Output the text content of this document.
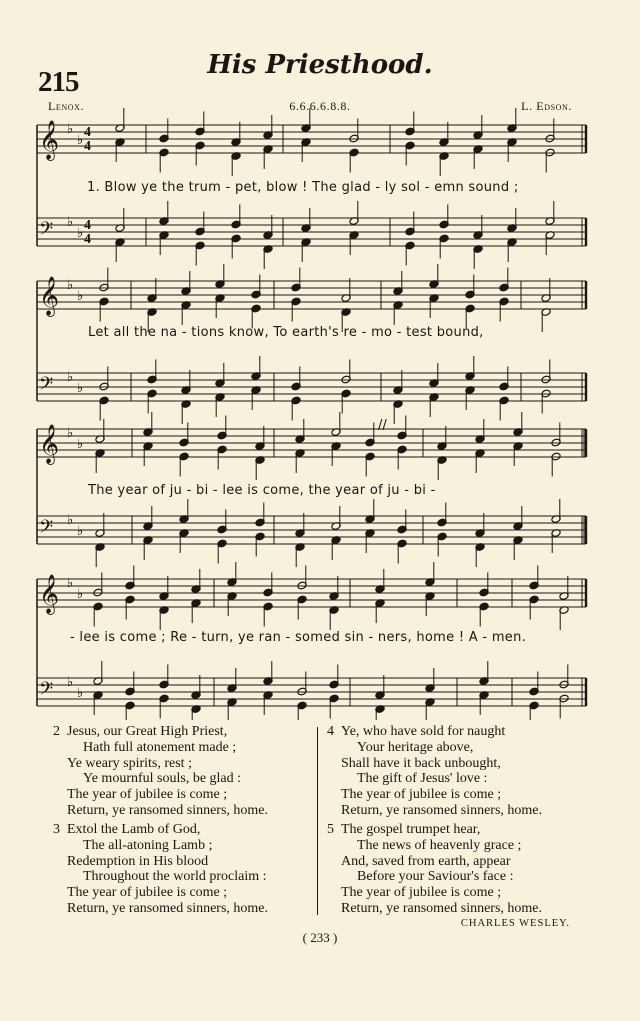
215
His Priesthood.
Lenox.	6.6.6.6.8.8.	L. Edson.
𝄞 ♭
♭
𝄢 ♭
♭
𝄞 ♭
♭
𝄢 ♭
♭
𝄞 ♭
♭
𝄢 ♭
♭
𝄞 ♭
♭
𝄢 ♭
♭
4
4
4
4
1. Blow ye the trum - pet, blow ! The glad - ly sol - emn sound ;
Let all the na - tions know, To earth's re - mo - test bound,
The year of ju - bi - lee is come, the year of ju - bi -
- lee is come ; Re - turn, ye ran - somed sin - ners, home ! A - men.
//
2 Jesus, our Great High Priest,
Hath full atonement made ;
Ye weary spirits, rest ;
Ye mournful souls, be glad :
The year of jubilee is come ;
Return, ye ransomed sinners, home.
3 Extol the Lamb of God,
The all-atoning Lamb ;
Redemption in His blood
Throughout the world proclaim :
The year of jubilee is come ;
Return, ye ransomed sinners, home.
4 Ye, who have sold for naught
Your heritage above,
Shall have it back unbought,
The gift of Jesus' love :
The year of jubilee is come ;
Return, ye ransomed sinners, home.
5 The gospel trumpet hear,
The news of heavenly grace ;
And, saved from earth, appear
Before your Saviour's face :
The year of jubilee is come ;
Return, ye ransomed sinners, home.
CHARLES WESLEY.
( 233 )
